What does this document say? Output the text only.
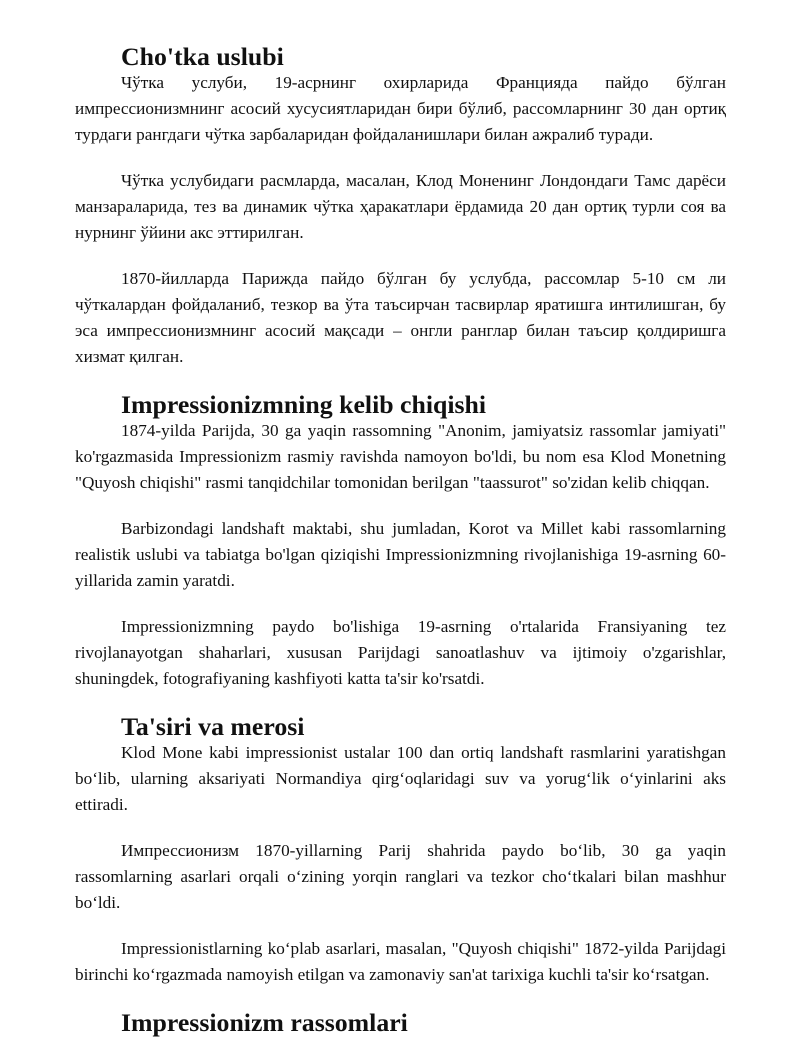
Cho'tka uslubi

Чўтка услуби, 19-асрнинг охирларида Францияда пайдо бўлган импрессионизмнинг асосий хусусиятларидан бири бўлиб, рассомларнинг 30 дан ортиқ турдаги рангдаги чўтка зарбаларидан фойдаланишлари билан ажралиб туради.

Чўтка услубидаги расмларда, масалан, Клод Моненинг Лондондаги Тамс дарёси манзараларида, тез ва динамик чўтка ҳаракатлари ёрдамида 20 дан ортиқ турли соя ва нурнинг ўйини акс эттирилган.

1870-йилларда Парижда пайдо бўлган бу услубда, рассомлар 5-10 см ли чўткалардан фойдаланиб, тезкор ва ўта таъсирчан тасвирлар яратишга интилишган, бу эса импрессионизмнинг асосий мақсади – онгли ранглар билан таъсир қолдиришга хизмат қилган.

Impressionizmning kelib chiqishi

1874-yilda Parijda, 30 ga yaqin rassomning "Anonim, jamiyatsiz rassomlar jamiyati" ko'rgazmasida Impressionizm rasmiy ravishda namoyon bo'ldi, bu nom esa Klod Monetning "Quyosh chiqishi" rasmi tanqidchilar tomonidan berilgan "taassurot" so'zidan kelib chiqqan.

Barbizondagi landshaft maktabi, shu jumladan, Korot va Millet kabi rassomlarning realistik uslubi va tabiatga bo'lgan qiziqishi Impressionizmning rivojlanishiga 19-asrning 60-yillarida zamin yaratdi.

Impressionizmning paydo bo'lishiga 19-asrning o'rtalarida Fransiyaning tez rivojlanayotgan shaharlari, xususan Parijdagi sanoatlashuv va ijtimoiy o'zgarishlar, shuningdek, fotografiyaning kashfiyoti katta ta'sir ko'rsatdi.

Ta'siri va merosi

Klod Mone kabi impressionist ustalar 100 dan ortiq landshaft rasmlarini yaratishgan bo‘lib, ularning aksariyati Normandiya qirg‘oqlaridagi suv va yorug‘lik o‘yinlarini aks ettiradi.

Импрессионизм 1870-yillarning Parij shahrida paydo bo‘lib, 30 ga yaqin rassomlarning asarlari orqali o‘zining yorqin ranglari va tezkor cho‘tkalari bilan mashhur bo‘ldi.

Impressionistlarning ko‘plab asarlari, masalan, "Quyosh chiqishi" 1872-yilda Parijdagi birinchi ko‘rgazmada namoyish etilgan va zamonaviy san'at tarixiga kuchli ta'sir ko‘rsatgan.

Impressionizm rassomlari
